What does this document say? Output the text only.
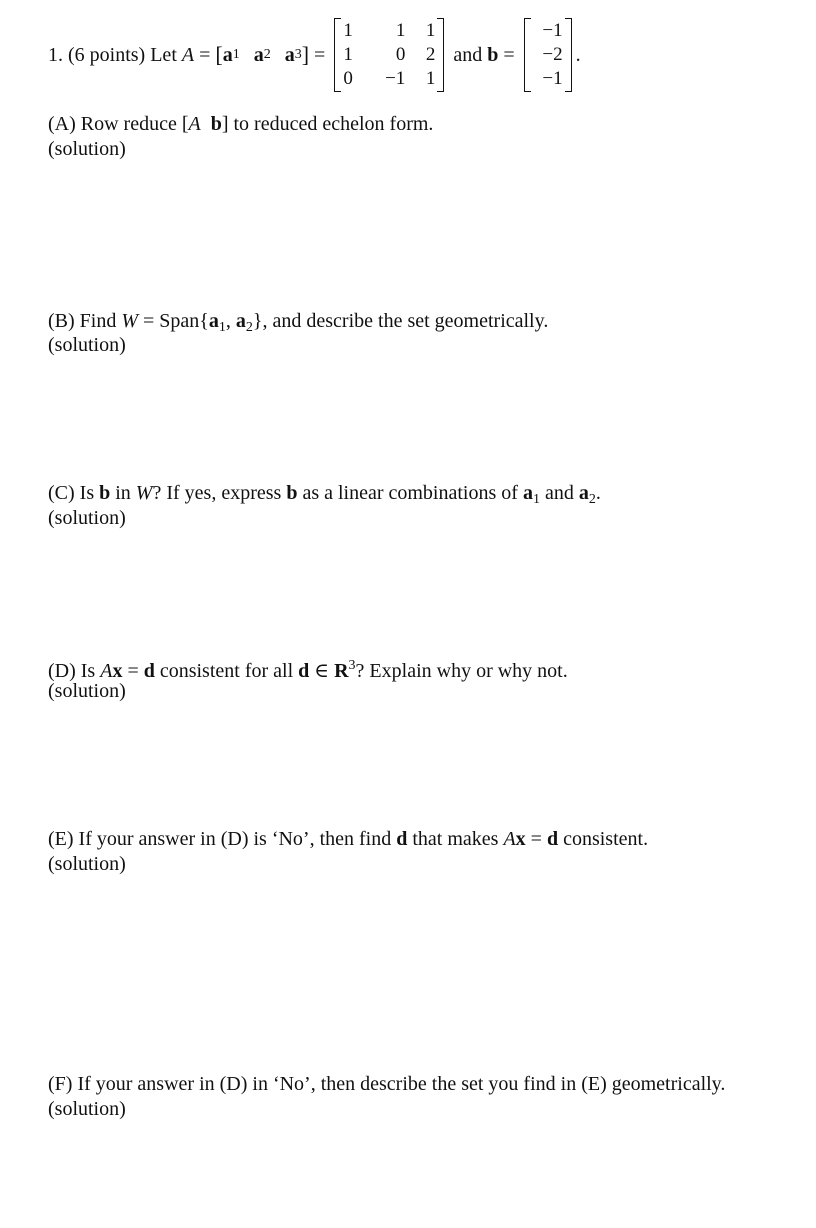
1.
(6 points)
Let
A = [ a 1 a 2 a 3 ] =
1	1	1
1	0	2
0	−1	1

and
b =
−1
−2
−1
.
(A) Row reduce [A b] to reduced echelon form.
(solution)
(B) Find $W = Span\{a_1$, $a_2$}, and describe the set geometrically.
(solution)
(C) Is b in W? If yes, express b as a linear combinations of $a_1$ and $a_2$.
(solution)
(D) Is Ax = d consistent for all d ∈ $R^3$? Explain why or why not.
(solution)
(E) If your answer in (D) is ‘No’, then find d that makes Ax = d consistent.
(solution)
(F) If your answer in (D) in ‘No’, then describe the set you find in (E) geometrically.
(solution)
